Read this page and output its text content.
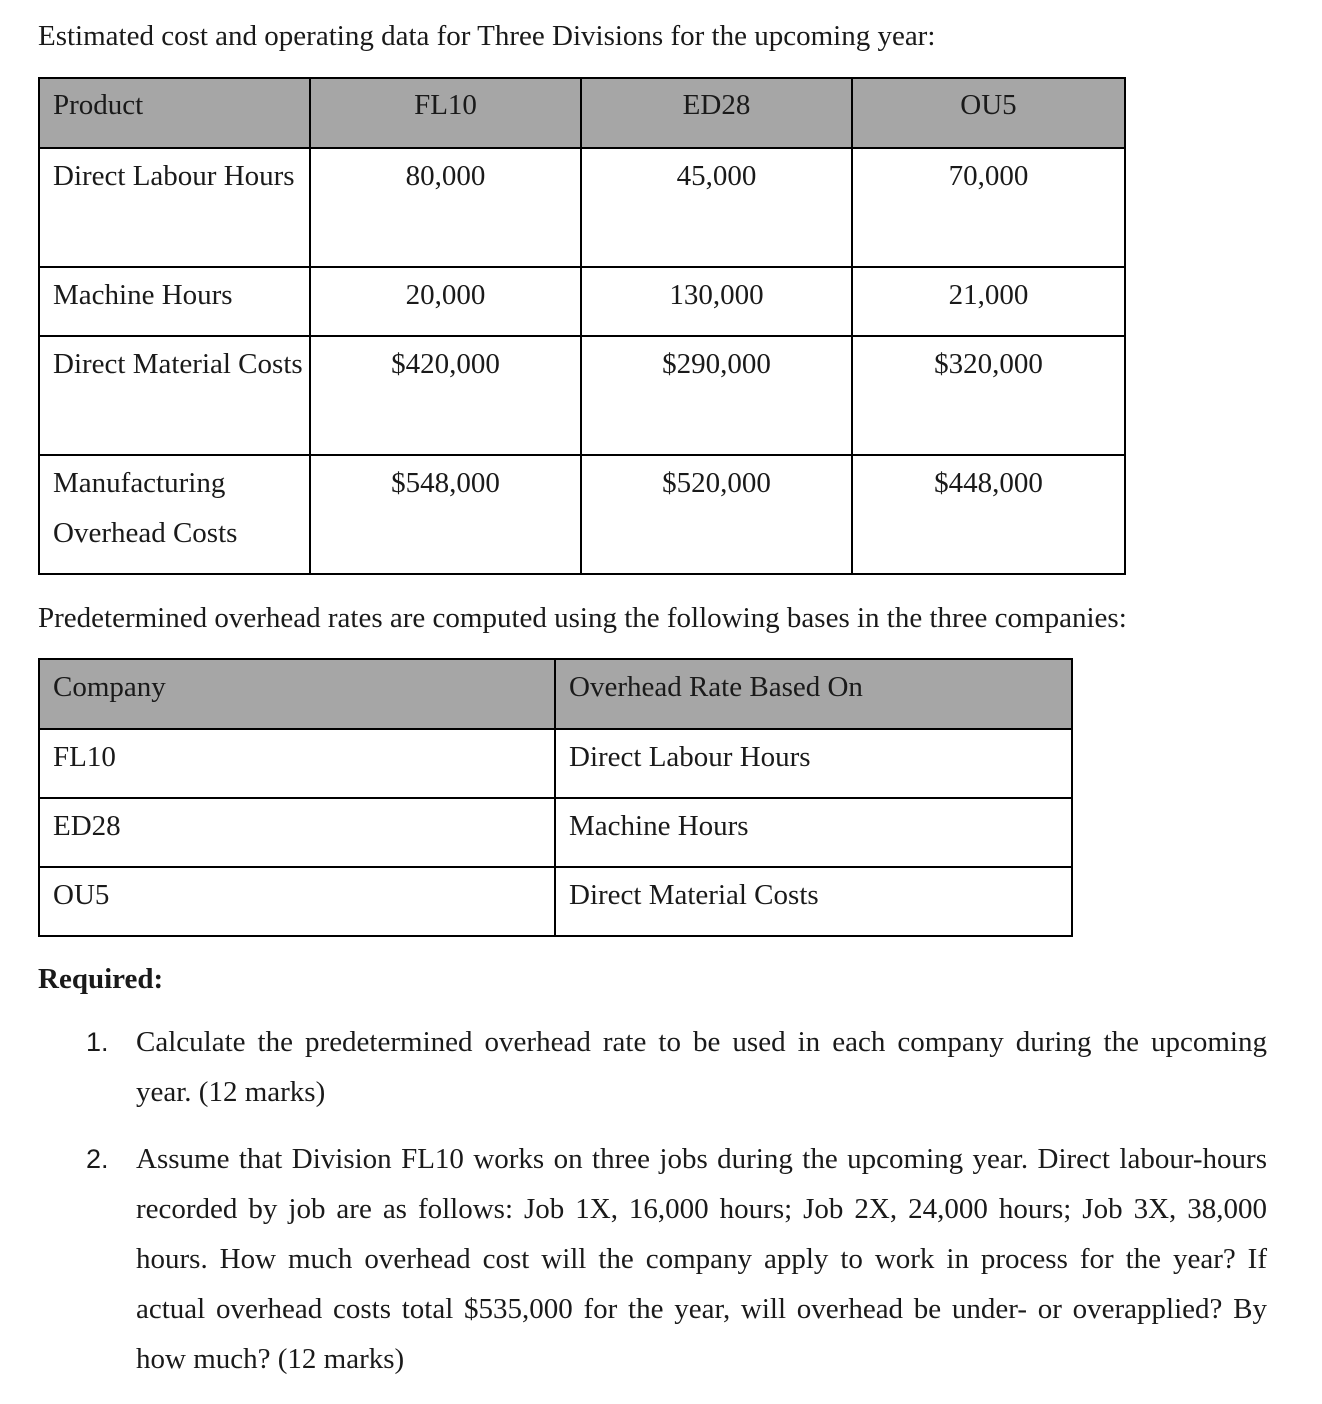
Estimated cost and operating data for Three Divisions for the upcoming year:

Product	FL10	ED28	OU5
Direct Labour Hours	80,000	45,000	70,000
Machine Hours	20,000	130,000	21,000
Direct Material Costs	$420,000	$290,000	$320,000
Manufacturing Overhead Costs	$548,000	$520,000	$448,000

Predetermined overhead rates are computed using the following bases in the three companies:

Company	Overhead Rate Based On
FL10	Direct Labour Hours
ED28	Machine Hours
OU5	Direct Material Costs

Required:

1. Calculate the predetermined overhead rate to be used in each company during the upcoming year. (12 marks)
2. Assume that Division FL10 works on three jobs during the upcoming year. Direct labour-hours recorded by job are as follows: Job 1X, 16,000 hours; Job 2X, 24,000 hours; Job 3X, 38,000 hours. How much overhead cost will the company apply to work in process for the year? If actual overhead costs total $535,000 for the year, will overhead be under- or overapplied? By how much? (12 marks)
